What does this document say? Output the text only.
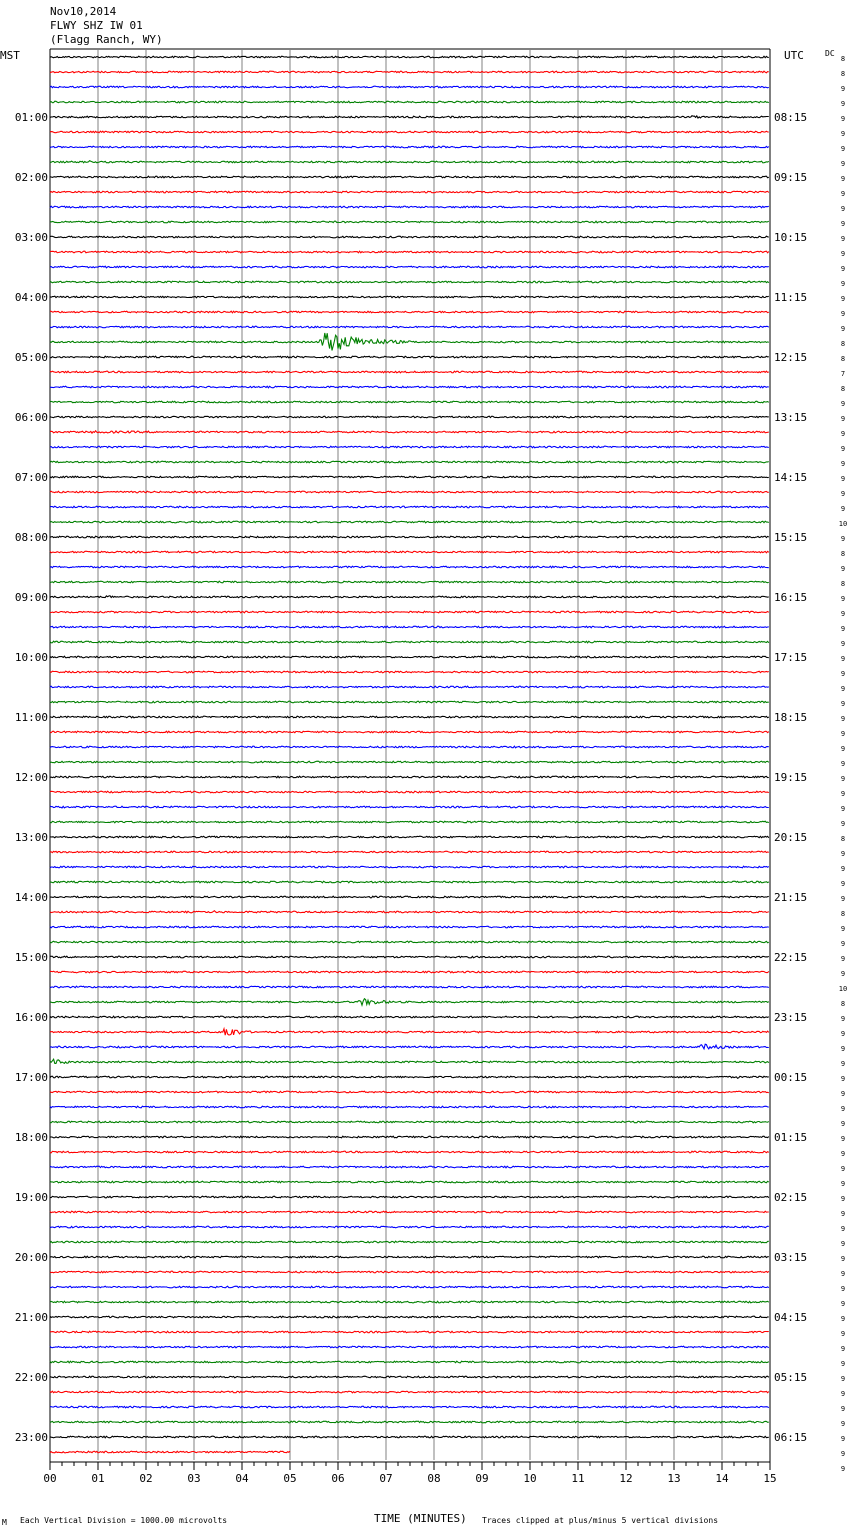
Nov10,2014
FLWY SHZ IW 01
(Flagg Ranch, WY)
MST	UTC	DC
00	01	02	03	04	05	06	07	08	09	10	11	12	13	14	15
01:00
02:00
03:00
04:00
05:00
06:00
07:00
08:00
09:00
10:00
11:00
12:00
13:00
14:00
15:00
16:00
17:00
18:00
19:00
20:00
21:00
22:00
23:00
08:15
09:15
10:15
11:15
12:15
13:15
14:15
15:15
16:15
17:15
18:15
19:15
20:15
21:15
22:15
23:15
00:15
01:15
02:15
03:15
04:15
05:15
06:15
8
8
9
9
9
9
9
9
9
9
9
9
9
9
9
9
9
9
9
8
8
7
8
9
9
9
9
9
9
9
9
10
9
8
9
8
9
9
9
9
9
9
9
9
9
9
9
9
9
9
9
9
8
9
9
9
9
8
9
9
9
9
10
8
9
9
9
9
9
9
9
9
9
9
9
9
9
9
9
9
9
9
9
9
9
9
9
9
9
9
9
9
9
9
9
M Each Vertical Division = 1000.00 microvolts	TIME (MINUTES) Traces clipped at plus/minus 5 vertical divisions
